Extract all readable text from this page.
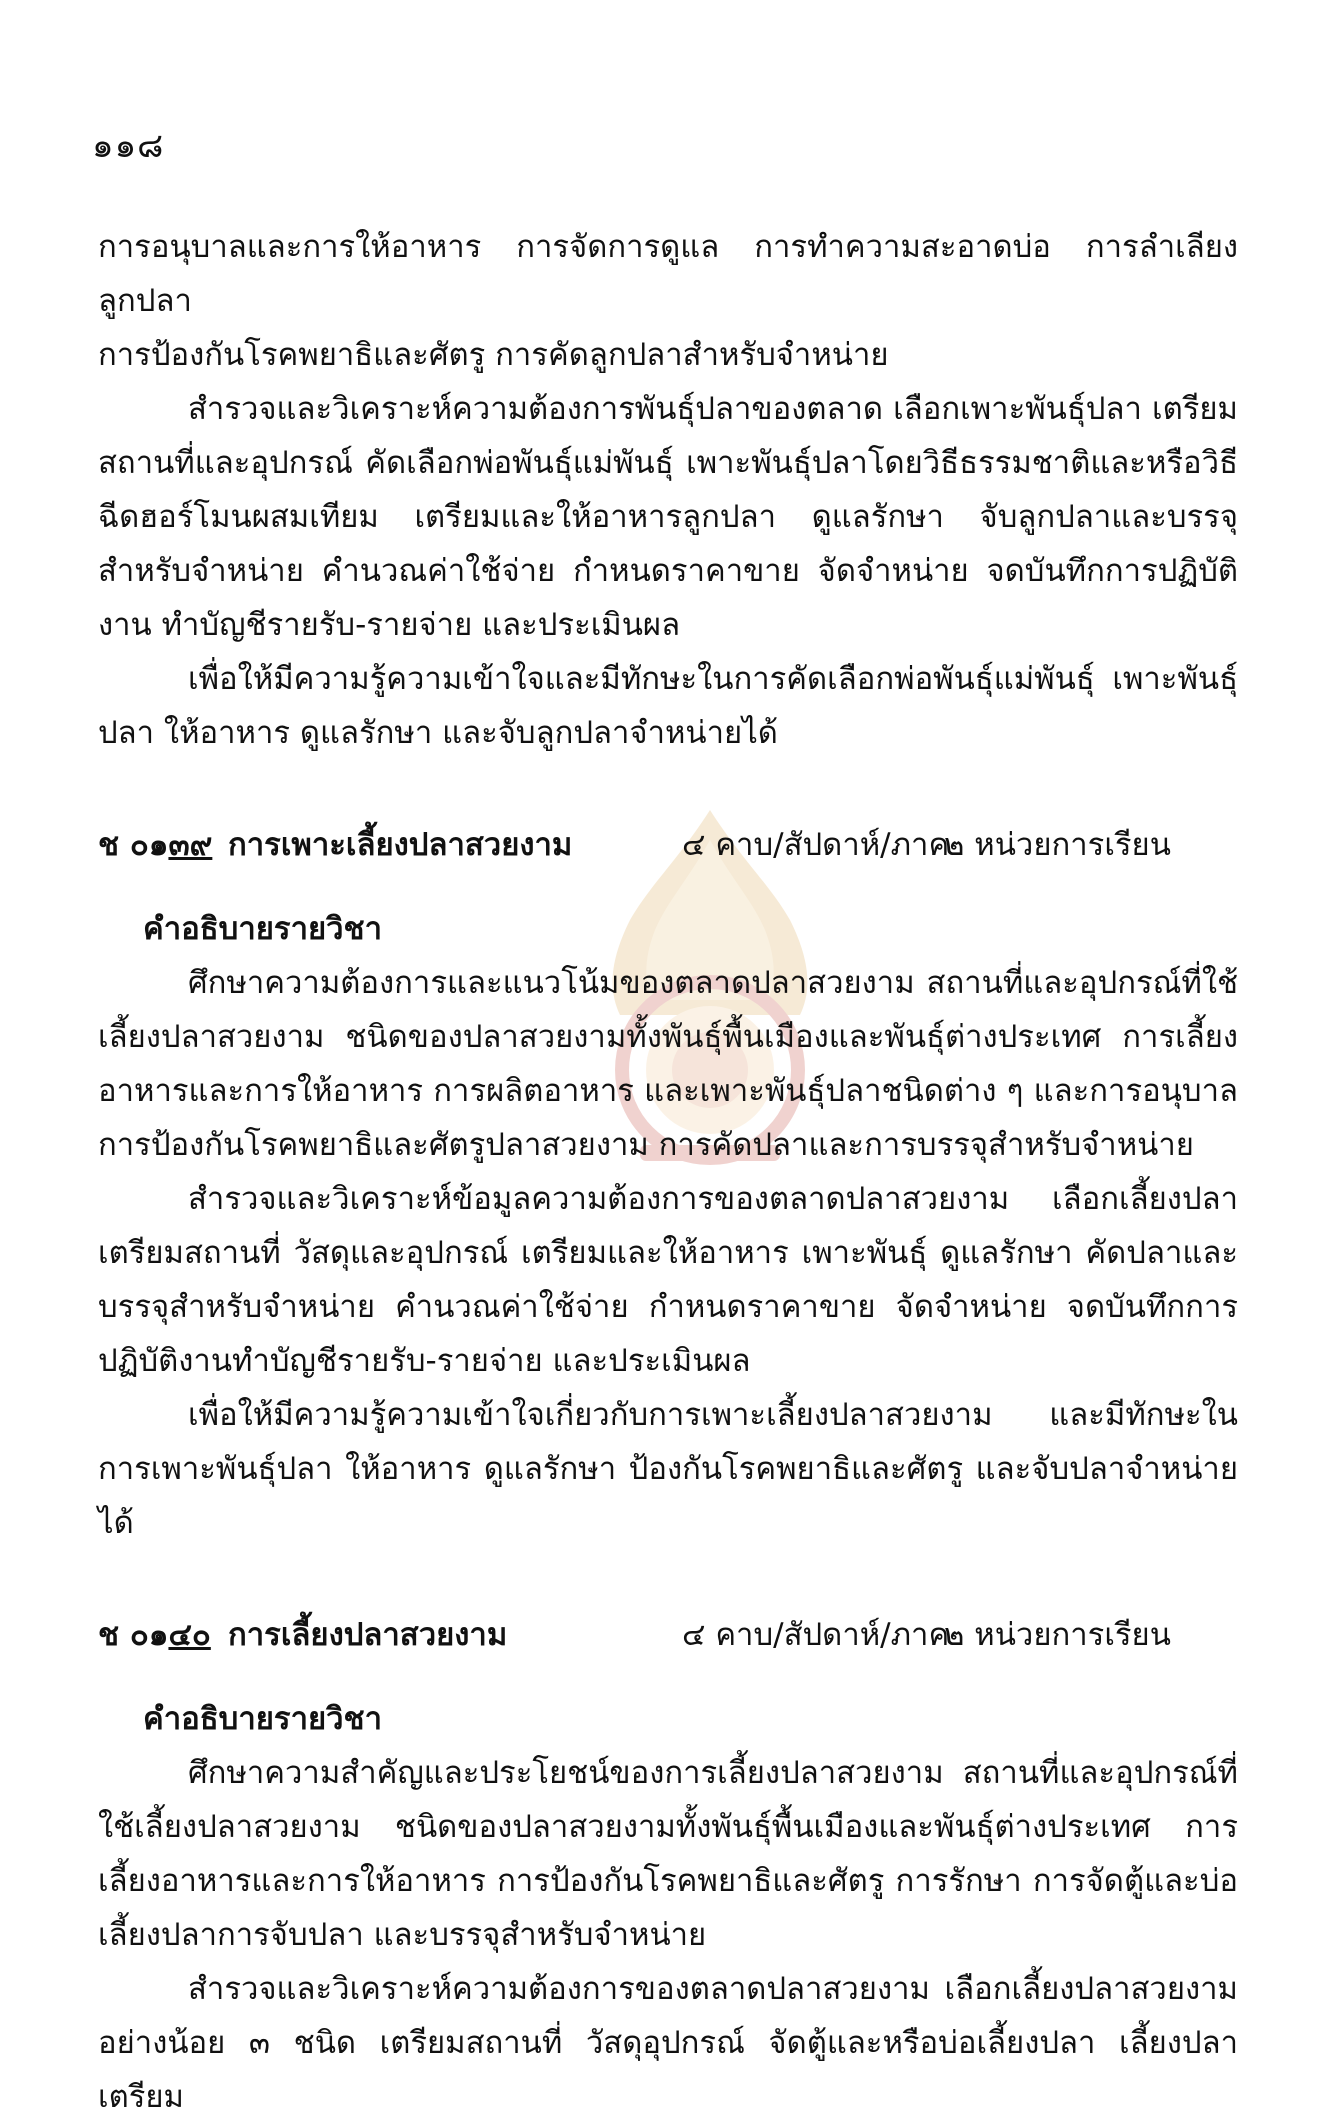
๑๑๘

การอนุบาลและการให้อาหาร การจัดการดูแล การทำความสะอาดบ่อ การลำเลียงลูกปลา

การป้องกันโรคพยาธิและศัตรู การคัดลูกปลาสำหรับจำหน่าย

สำรวจและวิเคราะห์ความต้องการพันธุ์ปลาของตลาด เลือกเพาะพันธุ์ปลา เตรียมสถานที่และอุปกรณ์ คัดเลือกพ่อพันธุ์แม่พันธุ์ เพาะพันธุ์ปลาโดยวิธีธรรมชาติและหรือวิธีฉีดฮอร์โมนผสมเทียม เตรียมและให้อาหารลูกปลา ดูแลรักษา จับลูกปลาและบรรจุสำหรับจำหน่าย คำนวณค่าใช้จ่าย กำหนดราคาขาย จัดจำหน่าย จดบันทึกการปฏิบัติงาน ทำบัญชีรายรับ-รายจ่าย และประเมินผล

เพื่อให้มีความรู้ความเข้าใจและมีทักษะในการคัดเลือกพ่อพันธุ์แม่พันธุ์ เพาะพันธุ์ปลา ให้อาหาร ดูแลรักษา และจับลูกปลาจำหน่ายได้

ช ๐๑๓๙ การเพาะเลี้ยงปลาสวยงาม	๔ คาบ/สัปดาห์/ภาค
๒ หน่วยการเรียน

คำอธิบายรายวิชา

ศึกษาความต้องการและแนวโน้มของตลาดปลาสวยงาม สถานที่และอุปกรณ์ที่ใช้เลี้ยงปลาสวยงาม ชนิดของปลาสวยงามทั้งพันธุ์พื้นเมืองและพันธุ์ต่างประเทศ การเลี้ยงอาหารและการให้อาหาร การผลิตอาหาร และเพาะพันธุ์ปลาชนิดต่าง ๆ และการอนุบาล การป้องกันโรคพยาธิและศัตรูปลาสวยงาม การคัดปลาและการบรรจุสำหรับจำหน่าย

สำรวจและวิเคราะห์ข้อมูลความต้องการของตลาดปลาสวยงาม เลือกเลี้ยงปลา เตรียมสถานที่ วัสดุและอุปกรณ์ เตรียมและให้อาหาร เพาะพันธุ์ ดูแลรักษา คัดปลาและบรรจุสำหรับจำหน่าย คำนวณค่าใช้จ่าย กำหนดราคาขาย จัดจำหน่าย จดบันทึกการปฏิบัติงานทำบัญชีรายรับ-รายจ่าย และประเมินผล

เพื่อให้มีความรู้ความเข้าใจเกี่ยวกับการเพาะเลี้ยงปลาสวยงาม และมีทักษะในการเพาะพันธุ์ปลา ให้อาหาร ดูแลรักษา ป้องกันโรคพยาธิและศัตรู และจับปลาจำหน่ายได้

ช ๐๑๔๐ การเลี้ยงปลาสวยงาม	๔ คาบ/สัปดาห์/ภาค
๒ หน่วยการเรียน

คำอธิบายรายวิชา

ศึกษาความสำคัญและประโยชน์ของการเลี้ยงปลาสวยงาม สถานที่และอุปกรณ์ที่ใช้เลี้ยงปลาสวยงาม ชนิดของปลาสวยงามทั้งพันธุ์พื้นเมืองและพันธุ์ต่างประเทศ การเลี้ยงอาหารและการให้อาหาร การป้องกันโรคพยาธิและศัตรู การรักษา การจัดตู้และบ่อเลี้ยงปลาการจับปลา และบรรจุสำหรับจำหน่าย

สำรวจและวิเคราะห์ความต้องการของตลาดปลาสวยงาม เลือกเลี้ยงปลาสวยงามอย่างน้อย ๓ ชนิด เตรียมสถานที่ วัสดุอุปกรณ์ จัดตู้และหรือบ่อเลี้ยงปลา เลี้ยงปลา เตรียม
